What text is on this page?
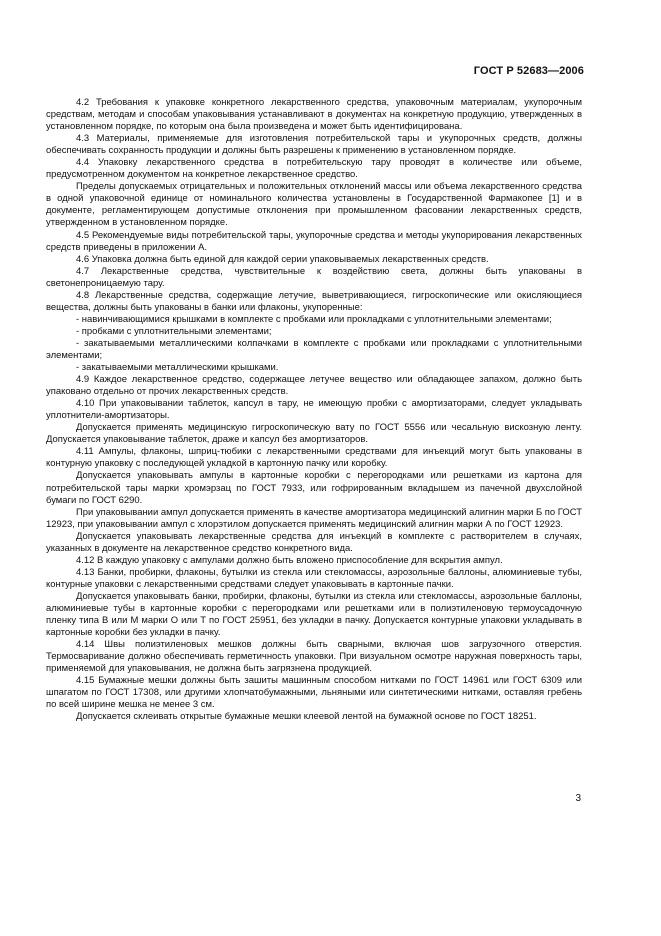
ГОСТ Р 52683—2006

4.2 Требования к упаковке конкретного лекарственного средства, упаковочным материалам, укупорочным средствам, методам и способам упаковывания устанавливают в документах на конкретную продукцию, утвержденных в установленном порядке, по которым она была произведена и может быть идентифицирована.

4.3 Материалы, применяемые для изготовления потребительской тары и укупорочных средств, должны обеспечивать сохранность продукции и должны быть разрешены к применению в установленном порядке.

4.4 Упаковку лекарственного средства в потребительскую тару проводят в количестве или объеме, предусмотренном документом на конкретное лекарственное средство.

Пределы допускаемых отрицательных и положительных отклонений массы или объема лекарственного средства в одной упаковочной единице от номинального количества установлены в Государственной Фармакопее [1] и в документе, регламентирующем допустимые отклонения при промышленном фасовании лекарственных средств, утвержденном в установленном порядке.

4.5 Рекомендуемые виды потребительской тары, укупорочные средства и методы укупорирования лекарственных средств приведены в приложении А.

4.6 Упаковка должна быть единой для каждой серии упаковываемых лекарственных средств.

4.7 Лекарственные средства, чувствительные к воздействию света, должны быть упакованы в светонепроницаемую тару.

4.8 Лекарственные средства, содержащие летучие, выветривающиеся, гигроскопические или окисляющиеся вещества, должны быть упакованы в банки или флаконы, укупоренные:

- навинчивающимися крышками в комплекте с пробками или прокладками с уплотнительными элементами;

- пробками с уплотнительными элементами;

- закатываемыми металлическими колпачками в комплекте с пробками или прокладками с уплотнительными элементами;

- закатываемыми металлическими крышками.

4.9 Каждое лекарственное средство, содержащее летучее вещество или обладающее запахом, должно быть упаковано отдельно от прочих лекарственных средств.

4.10 При упаковывании таблеток, капсул в тару, не имеющую пробки с амортизаторами, следует укладывать уплотнители-амортизаторы.

Допускается применять медицинскую гигроскопическую вату по ГОСТ 5556 или чесальную вискозную ленту. Допускается упаковывание таблеток, драже и капсул без амортизаторов.

4.11 Ампулы, флаконы, шприц-тюбики с лекарственными средствами для инъекций могут быть упакованы в контурную упаковку с последующей укладкой в картонную пачку или коробку.

Допускается упаковывать ампулы в картонные коробки с перегородками или решетками из картона для потребительской тары марки хромэрзац по ГОСТ 7933, или гофрированным вкладышем из пачечной двухслойной бумаги по ГОСТ 6290.

При упаковывании ампул допускается применять в качестве амортизатора медицинский алигнин марки Б по ГОСТ 12923, при упаковывании ампул с хлорэтилом допускается применять медицинский алигнин марки А по ГОСТ 12923.

Допускается упаковывать лекарственные средства для инъекций в комплекте с растворителем в случаях, указанных в документе на лекарственное средство конкретного вида.

4.12 В каждую упаковку с ампулами должно быть вложено приспособление для вскрытия ампул.

4.13 Банки, пробирки, флаконы, бутылки из стекла или стекломассы, аэрозольные баллоны, алюминиевые тубы, контурные упаковки с лекарственными средствами следует упаковывать в картонные пачки.

Допускается упаковывать банки, пробирки, флаконы, бутылки из стекла или стекломассы, аэрозольные баллоны, алюминиевые тубы в картонные коробки с перегородками или решетками или в полиэтиленовую термоусадочную пленку типа В или М марки О или Т по ГОСТ 25951, без укладки в пачку. Допускается контурные упаковки укладывать в картонные коробки без укладки в пачку.

4.14 Швы полиэтиленовых мешков должны быть сварными, включая шов загрузочного отверстия. Термосваривание должно обеспечивать герметичность упаковки. При визуальном осмотре наружная поверхность тары, применяемой для упаковывания, не должна быть загрязнена продукцией.

4.15 Бумажные мешки должны быть зашиты машинным способом нитками по ГОСТ 14961 или ГОСТ 6309 или шпагатом по ГОСТ 17308, или другими хлопчатобумажными, льняными или синтетическими нитками, оставляя гребень по всей ширине мешка не менее 3 см.

Допускается склеивать открытые бумажные мешки клеевой лентой на бумажной основе по ГОСТ 18251.

3
